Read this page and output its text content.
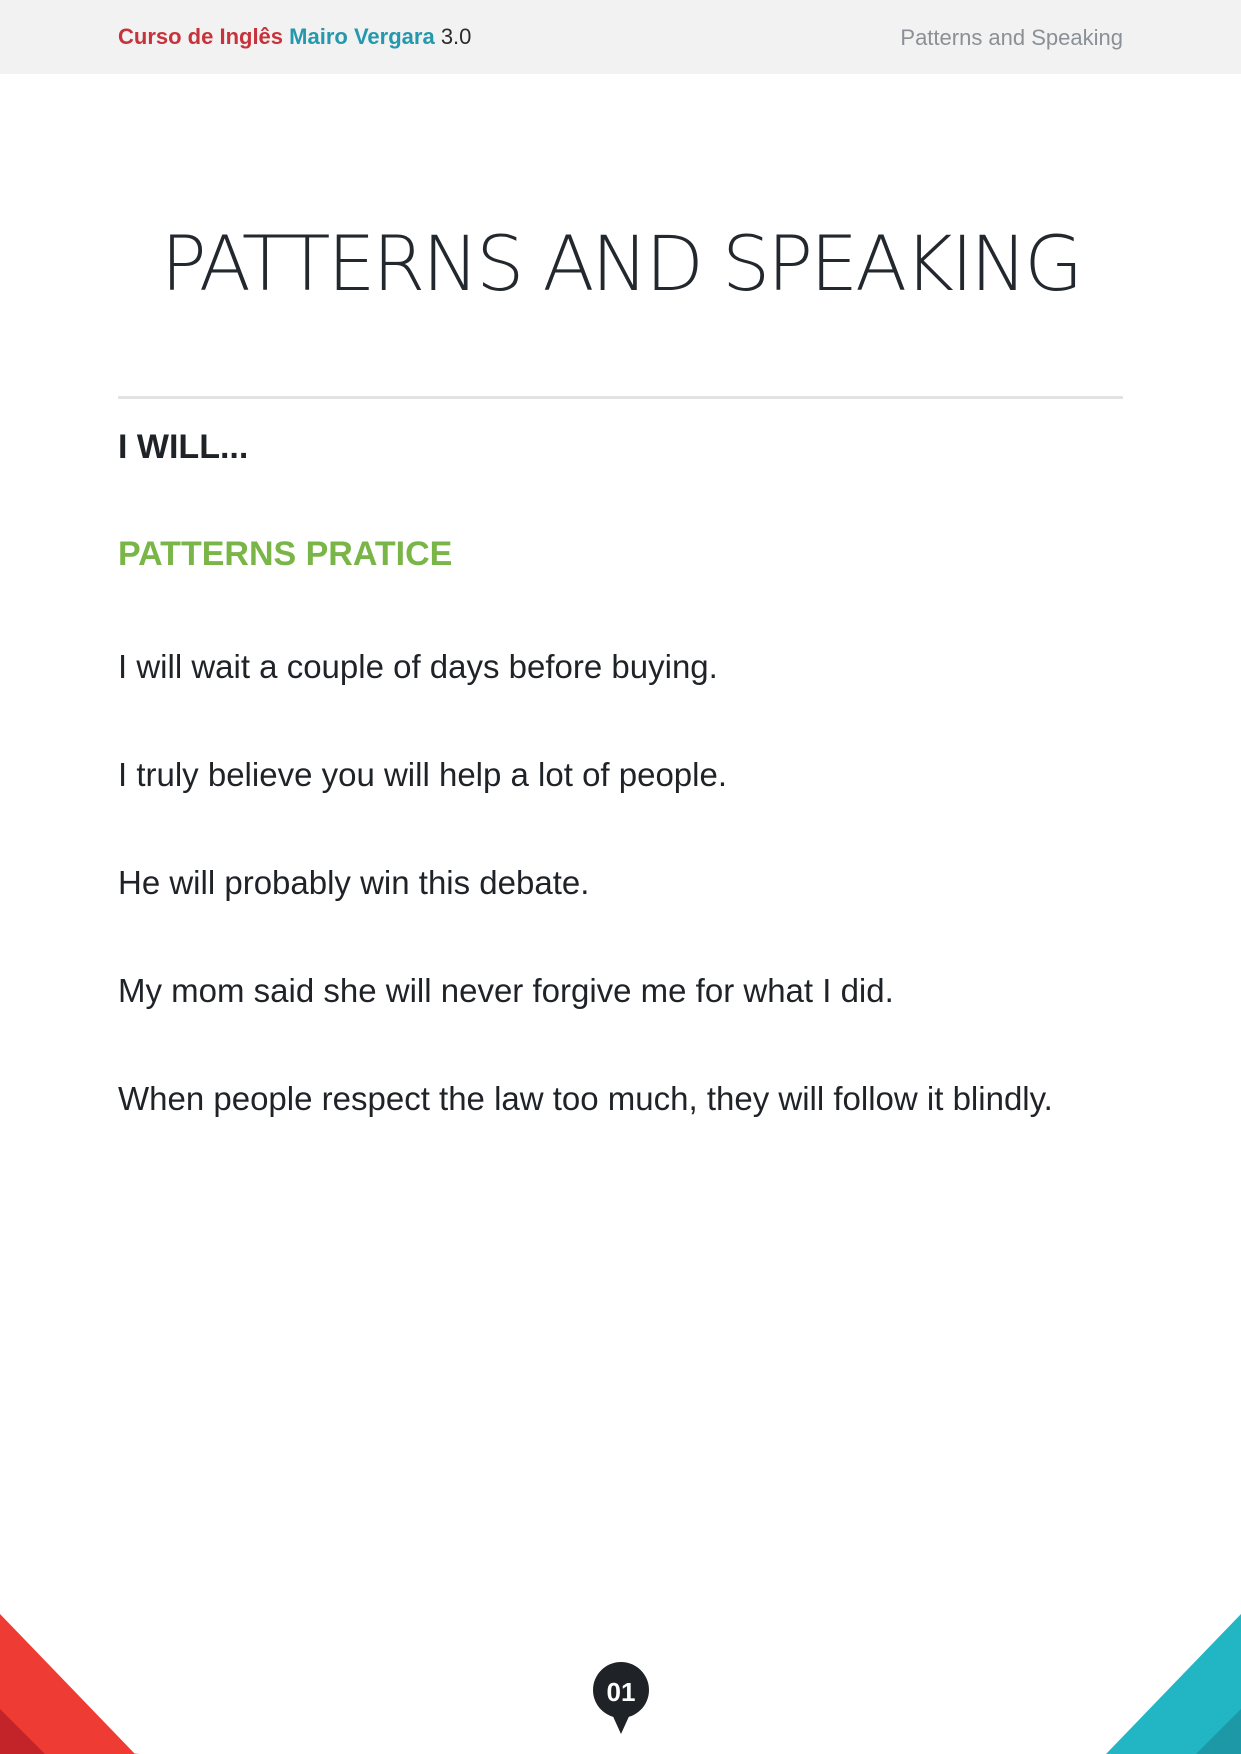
Curso de Inglês Mairo Vergara 3.0	Patterns and Speaking
PATTERNS AND SPEAKING
I WILL...
PATTERNS PRATICE
I will wait a couple of days before buying.
I truly believe you will help a lot of people.
He will probably win this debate.
My mom said she will never forgive me for what I did.
When people respect the law too much, they will follow it blindly.
01
